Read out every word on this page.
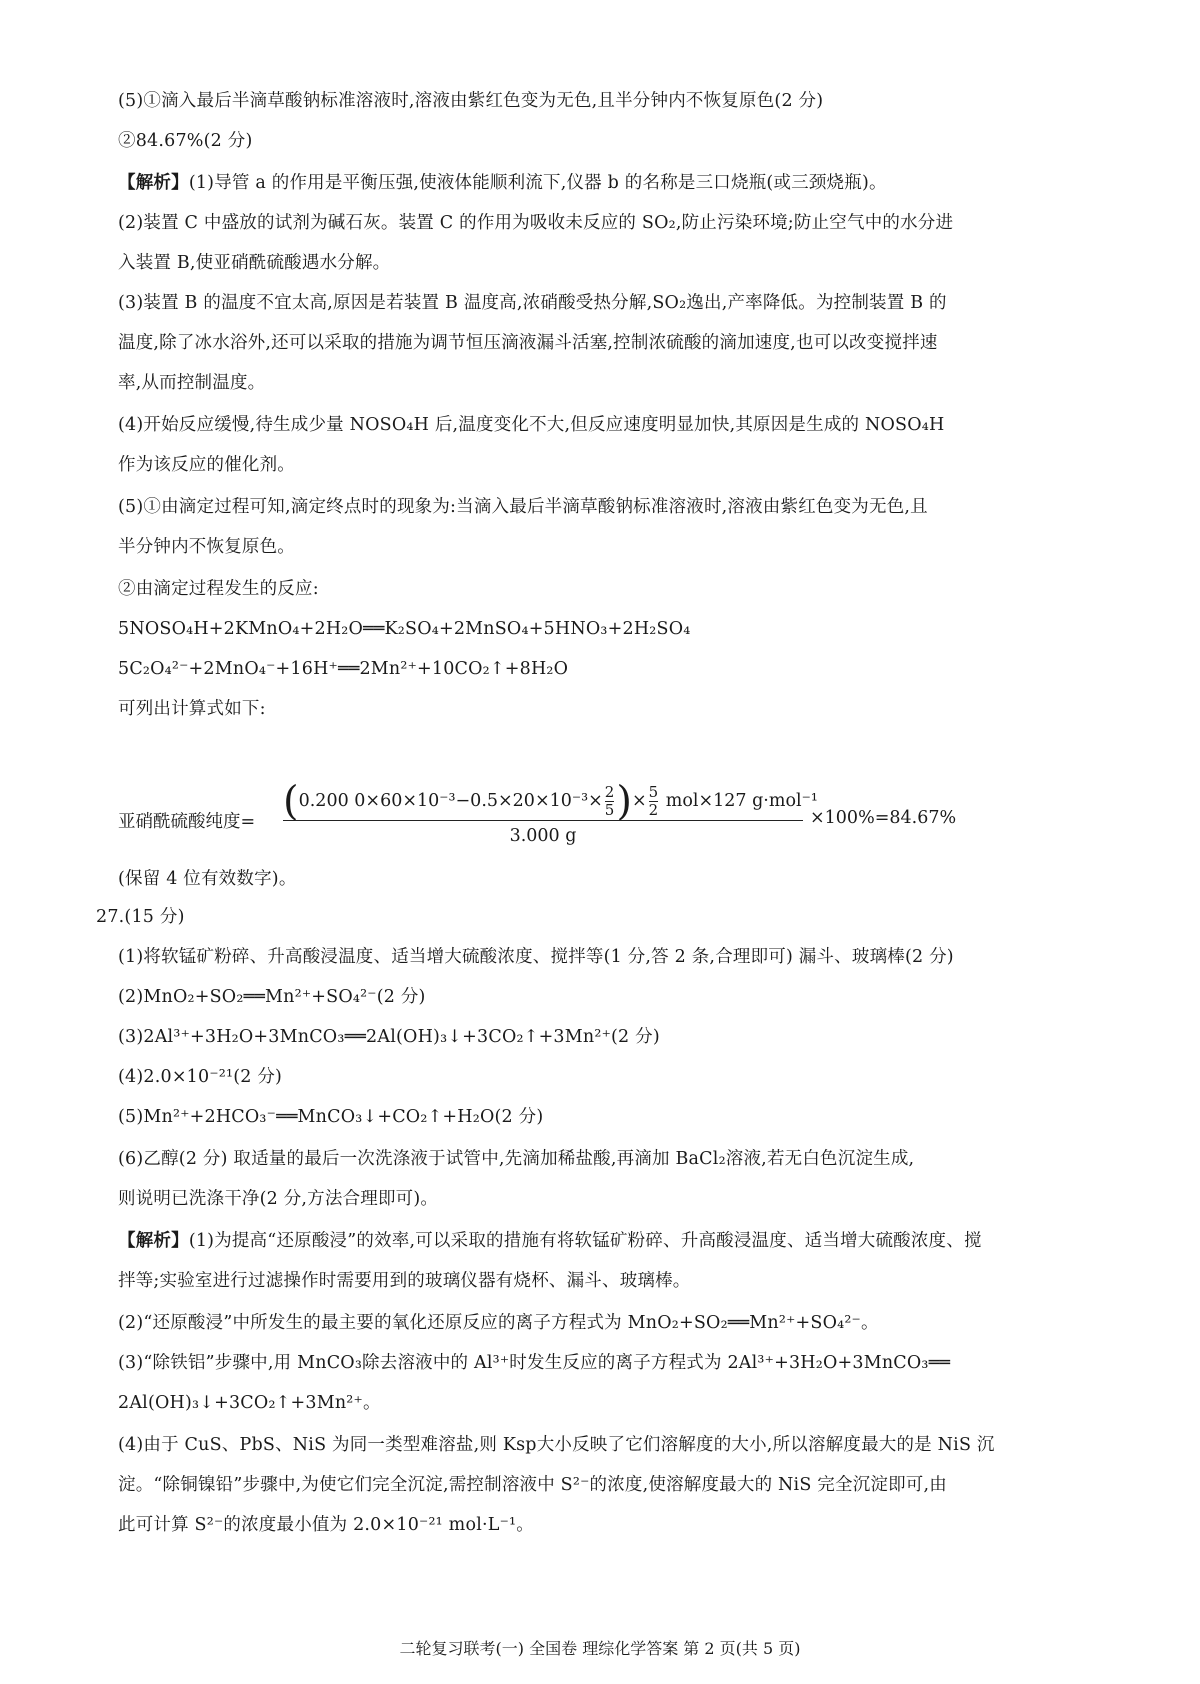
(5)①滴入最后半滴草酸钠标准溶液时,溶液由紫红色变为无色,且半分钟内不恢复原色(2 分)
②84.67%(2 分)
【解析】(1)导管 a 的作用是平衡压强,使液体能顺利流下,仪器 b 的名称是三口烧瓶(或三颈烧瓶)。
(2)装置 C 中盛放的试剂为碱石灰。装置 C 的作用为吸收未反应的 SO₂,防止污染环境;防止空气中的水分进
入装置 B,使亚硝酰硫酸遇水分解。
(3)装置 B 的温度不宜太高,原因是若装置 B 温度高,浓硝酸受热分解,SO₂逸出,产率降低。为控制装置 B 的
温度,除了冰水浴外,还可以采取的措施为调节恒压滴液漏斗活塞,控制浓硫酸的滴加速度,也可以改变搅拌速
率,从而控制温度。
(4)开始反应缓慢,待生成少量 NOSO₄H 后,温度变化不大,但反应速度明显加快,其原因是生成的 NOSO₄H
作为该反应的催化剂。
(5)①由滴定过程可知,滴定终点时的现象为:当滴入最后半滴草酸钠标准溶液时,溶液由紫红色变为无色,且
半分钟内不恢复原色。
②由滴定过程发生的反应:
5NOSO₄H+2KMnO₄+2H₂O══K₂SO₄+2MnSO₄+5HNO₃+2H₂SO₄
5C₂O₄²⁻+2MnO₄⁻+16H⁺══2Mn²⁺+10CO₂↑+8H₂O
可列出计算式如下:
亚硝酰硫酸纯度= (0.200 $0\times 60\times 10^{-3}-0.5\times 20\times 10^{-3}\times \frac{2}{5}$ )× $\frac{5}{2} mol\times 127$ g·mol⁻¹
3.000 g
×100%=84.67%
(保留 4 位有效数字)。
27.(15 分)
(1)将软锰矿粉碎、升高酸浸温度、适当增大硫酸浓度、搅拌等(1 分,答 2 条,合理即可) 漏斗、玻璃棒(2 分)
(2)MnO₂+SO₂══Mn²⁺+SO₄²⁻(2 分)
(3)2Al³⁺+3H₂O+3MnCO₃══2Al(OH)₃↓+3CO₂↑+3Mn²⁺(2 分)
(4)2.0×10⁻²¹(2 分)
(5)Mn²⁺+2HCO₃⁻══MnCO₃↓+CO₂↑+H₂O(2 分)
(6)乙醇(2 分) 取适量的最后一次洗涤液于试管中,先滴加稀盐酸,再滴加 BaCl₂溶液,若无白色沉淀生成,
则说明已洗涤干净(2 分,方法合理即可)。
【解析】(1)为提高“还原酸浸”的效率,可以采取的措施有将软锰矿粉碎、升高酸浸温度、适当增大硫酸浓度、搅
拌等;实验室进行过滤操作时需要用到的玻璃仪器有烧杯、漏斗、玻璃棒。
(2)“还原酸浸”中所发生的最主要的氧化还原反应的离子方程式为 MnO₂+SO₂══Mn²⁺+SO₄²⁻。
(3)“除铁铝”步骤中,用 MnCO₃除去溶液中的 Al³⁺时发生反应的离子方程式为 2Al³⁺+3H₂O+3MnCO₃══
2Al(OH)₃↓+3CO₂↑+3Mn²⁺。
(4)由于 CuS、PbS、NiS 为同一类型难溶盐,则 Ksp大小反映了它们溶解度的大小,所以溶解度最大的是 NiS 沉
淀。“除铜镍铅”步骤中,为使它们完全沉淀,需控制溶液中 S²⁻的浓度,使溶解度最大的 NiS 完全沉淀即可,由
此可计算 S²⁻的浓度最小值为 2.0×10⁻²¹ mol·L⁻¹。
二轮复习联考(一) 全国卷 理综化学答案 第 2 页(共 5 页)
